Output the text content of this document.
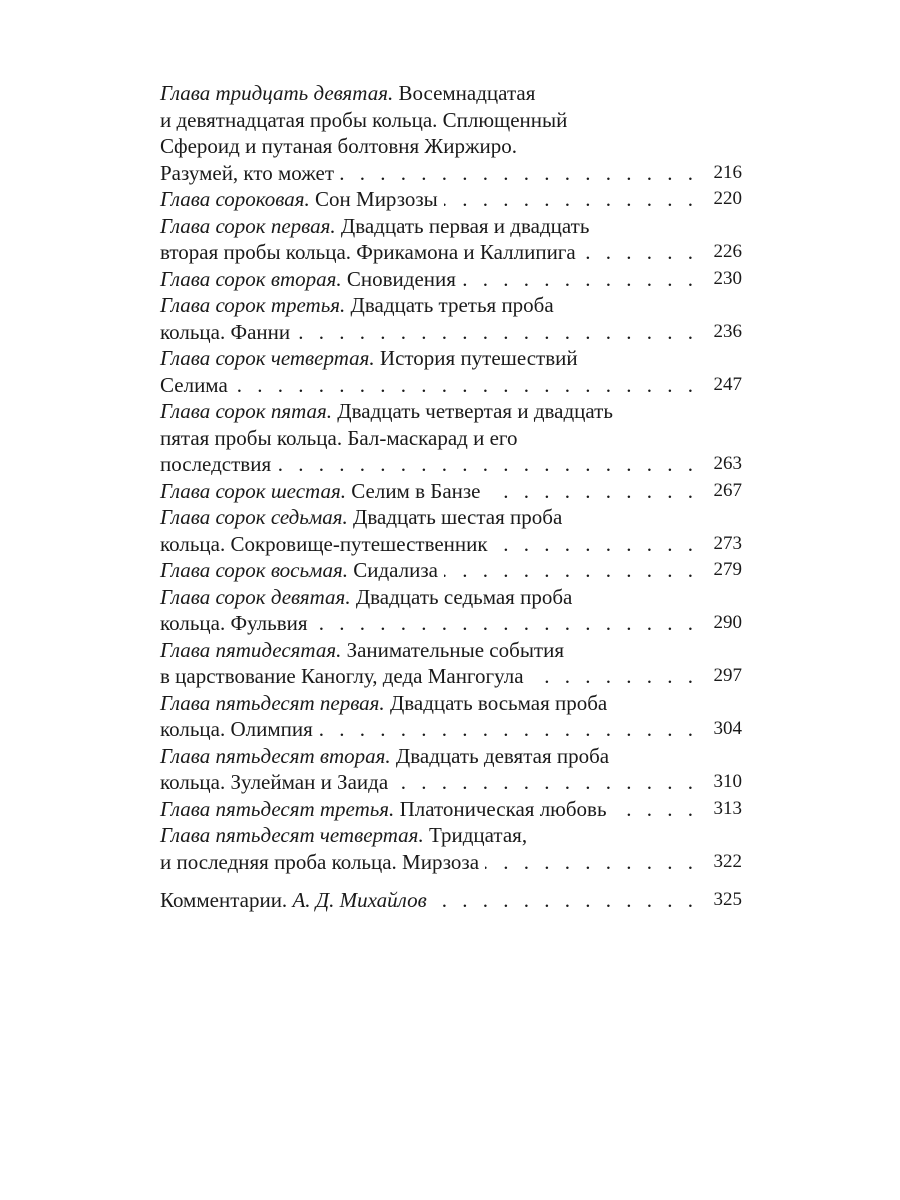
Глава тридцать девятая. Восемнадцатая
и девятнадцатая пробы кольца. Сплющенный
Сфероид и путаная болтовня Жиржиро.
Разумей, кто может . . .	216
Глава сороковая. Сон Мирзозы . . .	220
Глава сорок первая. Двадцать первая и двадцать
вторая пробы кольца. Фрикамона и Каллипига . . .	226
Глава сорок вторая. Сновидения . . .	230
Глава сорок третья. Двадцать третья проба
кольца. Фанни . . .	236
Глава сорок четвертая. История путешествий
Селима . . .	247
Глава сорок пятая. Двадцать четвертая и двадцать
пятая пробы кольца. Бал-маскарад и его
последствия . . .	263
Глава сорок шестая. Селим в Банзе . . .	267
Глава сорок седьмая. Двадцать шестая проба
кольца. Сокровище-путешественник . . .	273
Глава сорок восьмая. Сидализа . . .	279
Глава сорок девятая. Двадцать седьмая проба
кольца. Фульвия . . .	290
Глава пятидесятая. Занимательные события
в царствование Каноглу, деда Мангогула . . .	297
Глава пятьдесят первая. Двадцать восьмая проба
кольца. Олимпия . . .	304
Глава пятьдесят вторая. Двадцать девятая проба
кольца. Зулейман и Заида . . .	310
Глава пятьдесят третья. Платоническая любовь . . .	313
Глава пятьдесят четвертая. Тридцатая,
и последняя проба кольца. Мирзоза . . .	322
Комментарии. А. Д. Михайлов . . .	325
